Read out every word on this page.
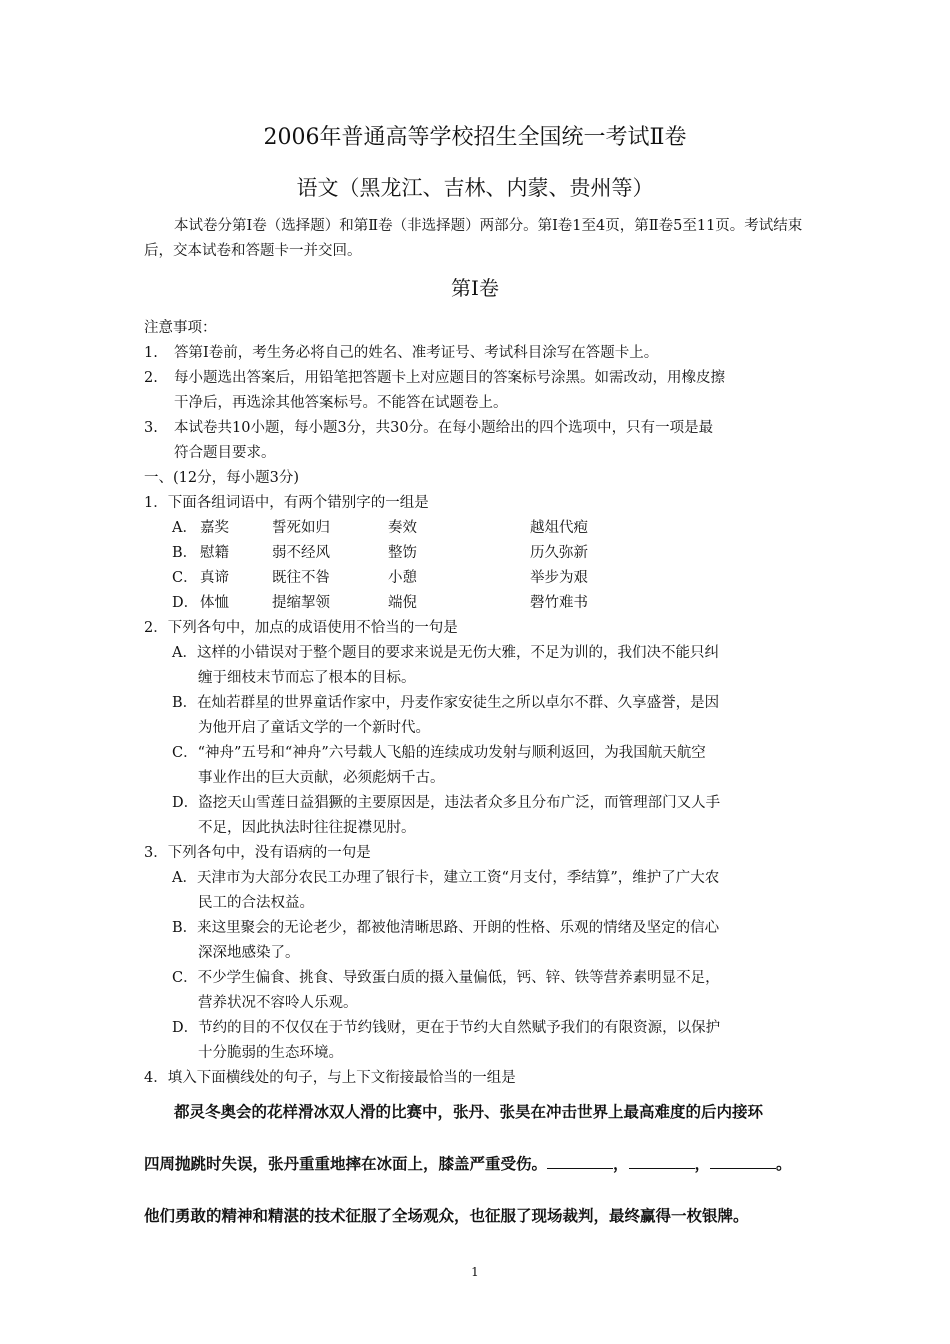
2006年普通高等学校招生全国统一考试Ⅱ卷
语文（黑龙江、吉林、内蒙、贵州等）
本试卷分第Ⅰ卷（选择题）和第Ⅱ卷（非选择题）两部分。第Ⅰ卷1至4页，第Ⅱ卷5至11页。考试结束后，交本试卷和答题卡一并交回。
第Ⅰ卷
注意事项：
1. 答第Ⅰ卷前，考生务必将自己的姓名、准考证号、考试科目涂写在答题卡上。
2. 每小题选出答案后，用铅笔把答题卡上对应题目的答案标号涂黑。如需改动，用橡皮擦
干净后，再选涂其他答案标号。不能答在试题卷上。
3. 本试卷共10小题，每小题3分，共30分。在每小题给出的四个选项中，只有一项是最
符合题目要求。
一、(12分，每小题3分)
1．下面各组词语中，有两个错别字的一组是
A． 嘉奖	誓死如归	奏效	越俎代疱
B． 慰籍	弱不经风	整饬	历久弥新
C． 真谛	既往不咎	小憩	举步为艰
D． 体恤	提缩挈领	端倪	磬竹难书
2．下列各句中，加点的成语使用不恰当的一句是
A．这样的小错误对于整个题目的要求来说是无伤大雅，不足为训的，我们决不能只纠
缠于细枝末节而忘了根本的目标。
B．在灿若群星的世界童话作家中，丹麦作家安徒生之所以卓尔不群、久享盛誉，是因
为他开启了童话文学的一个新时代。
C．“神舟”五号和“神舟”六号载人飞船的连续成功发射与顺利返回，为我国航天航空
事业作出的巨大贡献，必须彪炳千古。
D．盗挖天山雪莲日益猖獗的主要原因是，违法者众多且分布广泛，而管理部门又人手
不足，因此执法时往往捉襟见肘。
3．下列各句中，没有语病的一句是
A．天津市为大部分农民工办理了银行卡，建立工资“月支付，季结算”，维护了广大农
民工的合法权益。
B．来这里聚会的无论老少，都被他清晰思路、开朗的性格、乐观的情绪及坚定的信心
深深地感染了。
C．不少学生偏食、挑食、导致蛋白质的摄入量偏低，钙、锌、铁等营养素明显不足，
营养状况不容呤人乐观。
D．节约的目的不仅仅在于节约钱财，更在于节约大自然赋予我们的有限资源，以保护
十分脆弱的生态环境。
4．填入下面横线处的句子，与上下文衔接最恰当的一组是
都灵冬奥会的花样滑冰双人滑的比赛中，张丹、张昊在冲击世界上最高难度的后内接环
四周抛跳时失误，张丹重重地摔在冰面上，膝盖严重受伤。	，	，	。
他们勇敢的精神和精湛的技术征服了全场观众，也征服了现场裁判，最终赢得一枚银牌。
1
